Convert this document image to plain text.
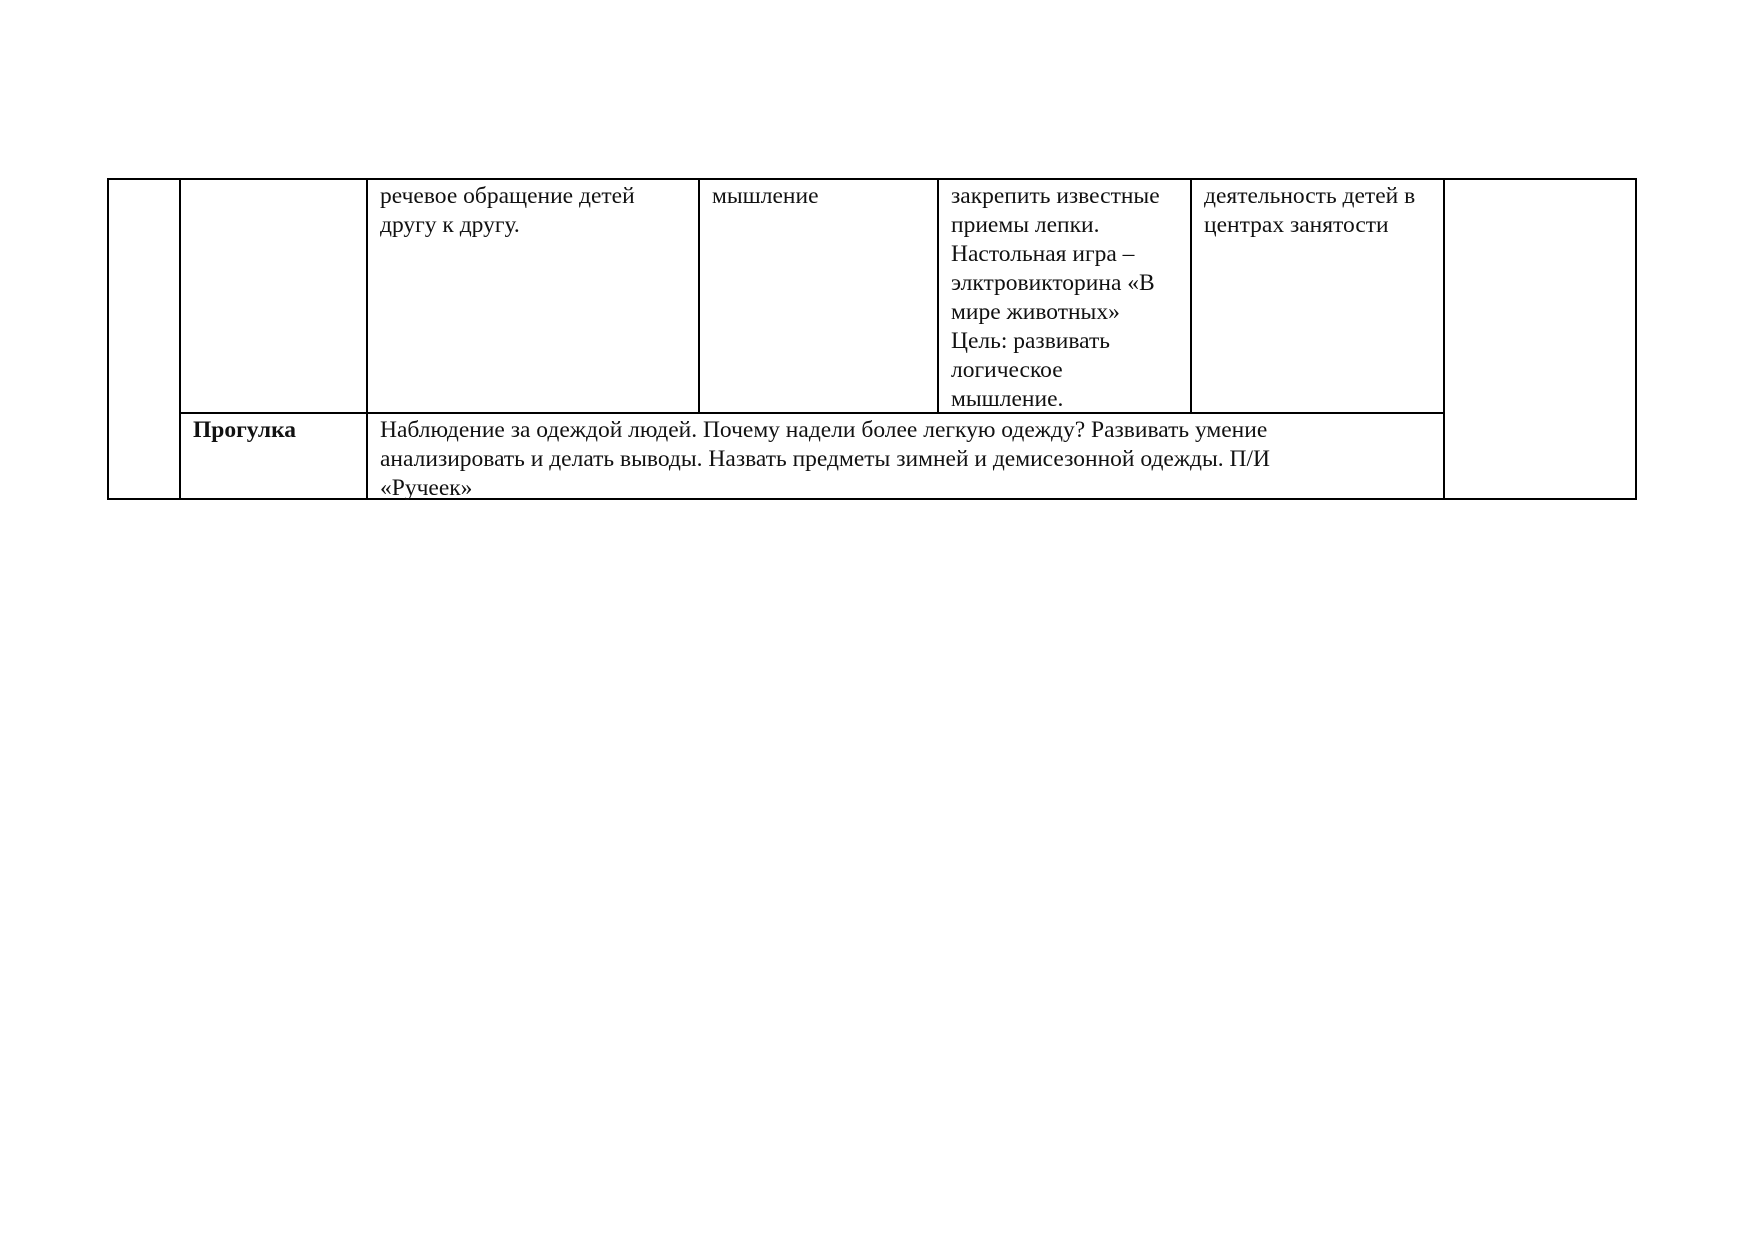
речевое обращение детей
другу к другу.
мышление	закрепить известные
приемы лепки.
Настольная игра –
элктровикторина «В
мире животных»
Цель: развивать
логическое
мышление.
деятельность детей в
центрах занятости
Прогулка	Наблюдение за одеждой людей. Почему надели более легкую одежду? Развивать умение
анализировать и делать выводы. Назвать предметы зимней и демисезонной одежды. П/И
«Ручеек»
